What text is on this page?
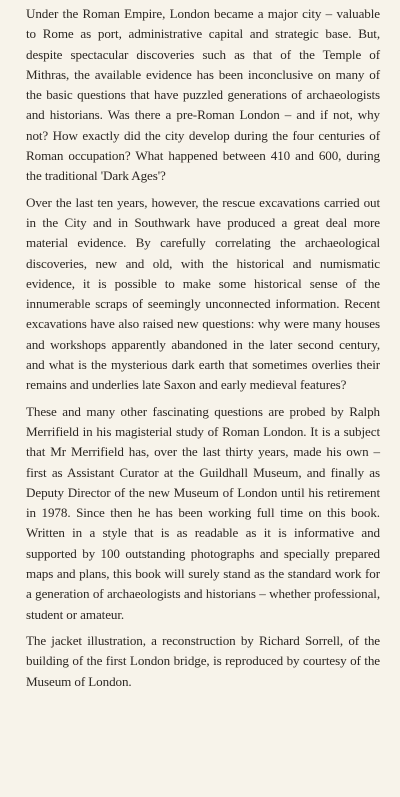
Under the Roman Empire, London became a major city – valuable to Rome as port, administrative capital and strategic base. But, despite spectacular discoveries such as that of the Temple of Mithras, the available evidence has been inconclusive on many of the basic questions that have puzzled generations of archaeologists and historians. Was there a pre-Roman London – and if not, why not? How exactly did the city develop during the four centuries of Roman occupation? What happened between 410 and 600, during the traditional 'Dark Ages'?

Over the last ten years, however, the rescue excavations carried out in the City and in Southwark have produced a great deal more material evidence. By carefully correlating the archaeological discoveries, new and old, with the historical and numismatic evidence, it is possible to make some historical sense of the innumerable scraps of seemingly unconnected information. Recent excavations have also raised new questions: why were many houses and workshops apparently abandoned in the later second century, and what is the mysterious dark earth that sometimes overlies their remains and underlies late Saxon and early medieval features?

These and many other fascinating questions are probed by Ralph Merrifield in his magisterial study of Roman London. It is a subject that Mr Merrifield has, over the last thirty years, made his own – first as Assistant Curator at the Guildhall Museum, and finally as Deputy Director of the new Museum of London until his retirement in 1978. Since then he has been working full time on this book. Written in a style that is as readable as it is informative and supported by 100 outstanding photographs and specially prepared maps and plans, this book will surely stand as the standard work for a generation of archaeologists and historians – whether professional, student or amateur.

The jacket illustration, a reconstruction by Richard Sorrell, of the building of the first London bridge, is reproduced by courtesy of the Museum of London.
